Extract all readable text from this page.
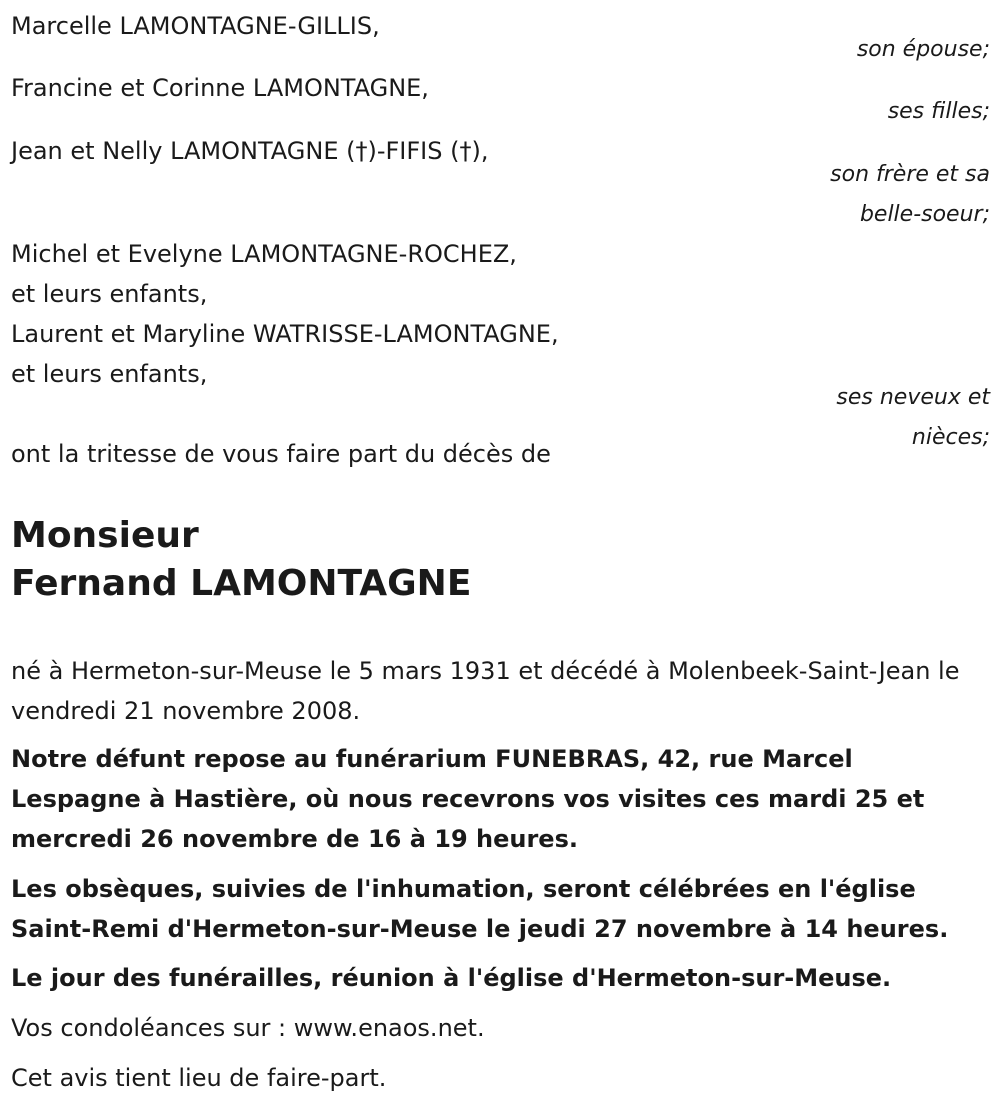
Marcelle LAMONTAGNE-GILLIS,

son épouse;

Francine et Corinne LAMONTAGNE,

ses filles;

Jean et Nelly LAMONTAGNE (†)-FIFIS (†),

son frère et sa

belle-soeur;

Michel et Evelyne LAMONTAGNE-ROCHEZ,

et leurs enfants,

Laurent et Maryline WATRISSE-LAMONTAGNE,

et leurs enfants,

ses neveux et

nièces;

ont la tritesse de vous faire part du décès de

Monsieur
Fernand LAMONTAGNE

né à Hermeton-sur-Meuse le 5 mars 1931 et décédé à Molenbeek-Saint-Jean le vendredi 21 novembre 2008.

Notre défunt repose au funérarium FUNEBRAS, 42, rue Marcel Lespagne à Hastière, où nous recevrons vos visites ces mardi 25 et mercredi 26 novembre de 16 à 19 heures.

Les obsèques, suivies de l'inhumation, seront célébrées en l'église Saint-Remi d'Hermeton-sur-Meuse le jeudi 27 novembre à 14 heures.

Le jour des funérailles, réunion à l'église d'Hermeton-sur-Meuse.

Vos condoléances sur : www.enaos.net.

Cet avis tient lieu de faire-part.
